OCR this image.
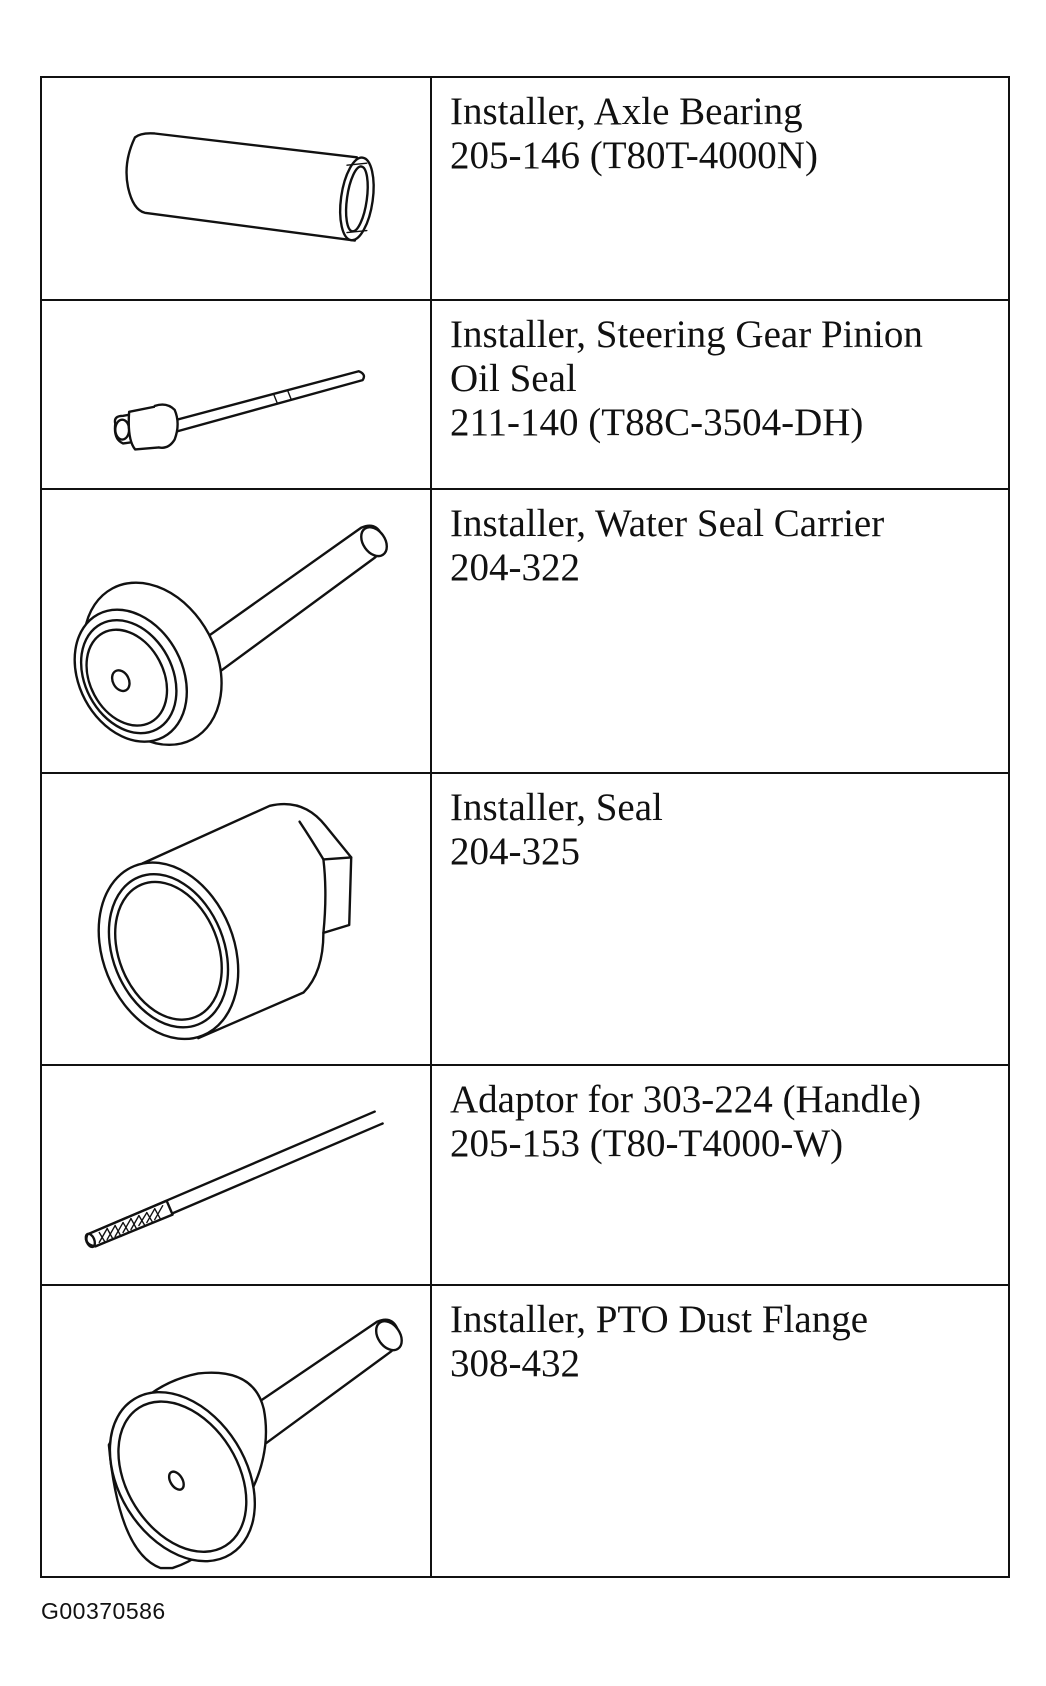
Installer, Axle Bearing
205-146 (T80T-4000N)

Installer, Steering Gear Pinion
Oil Seal
211-140 (T88C-3504-DH)

Installer, Water Seal Carrier
204-322

Installer, Seal
204-325

Adaptor for 303-224 (Handle)
205-153 (T80-T4000-W)

Installer, PTO Dust Flange
308-432
G00370586
